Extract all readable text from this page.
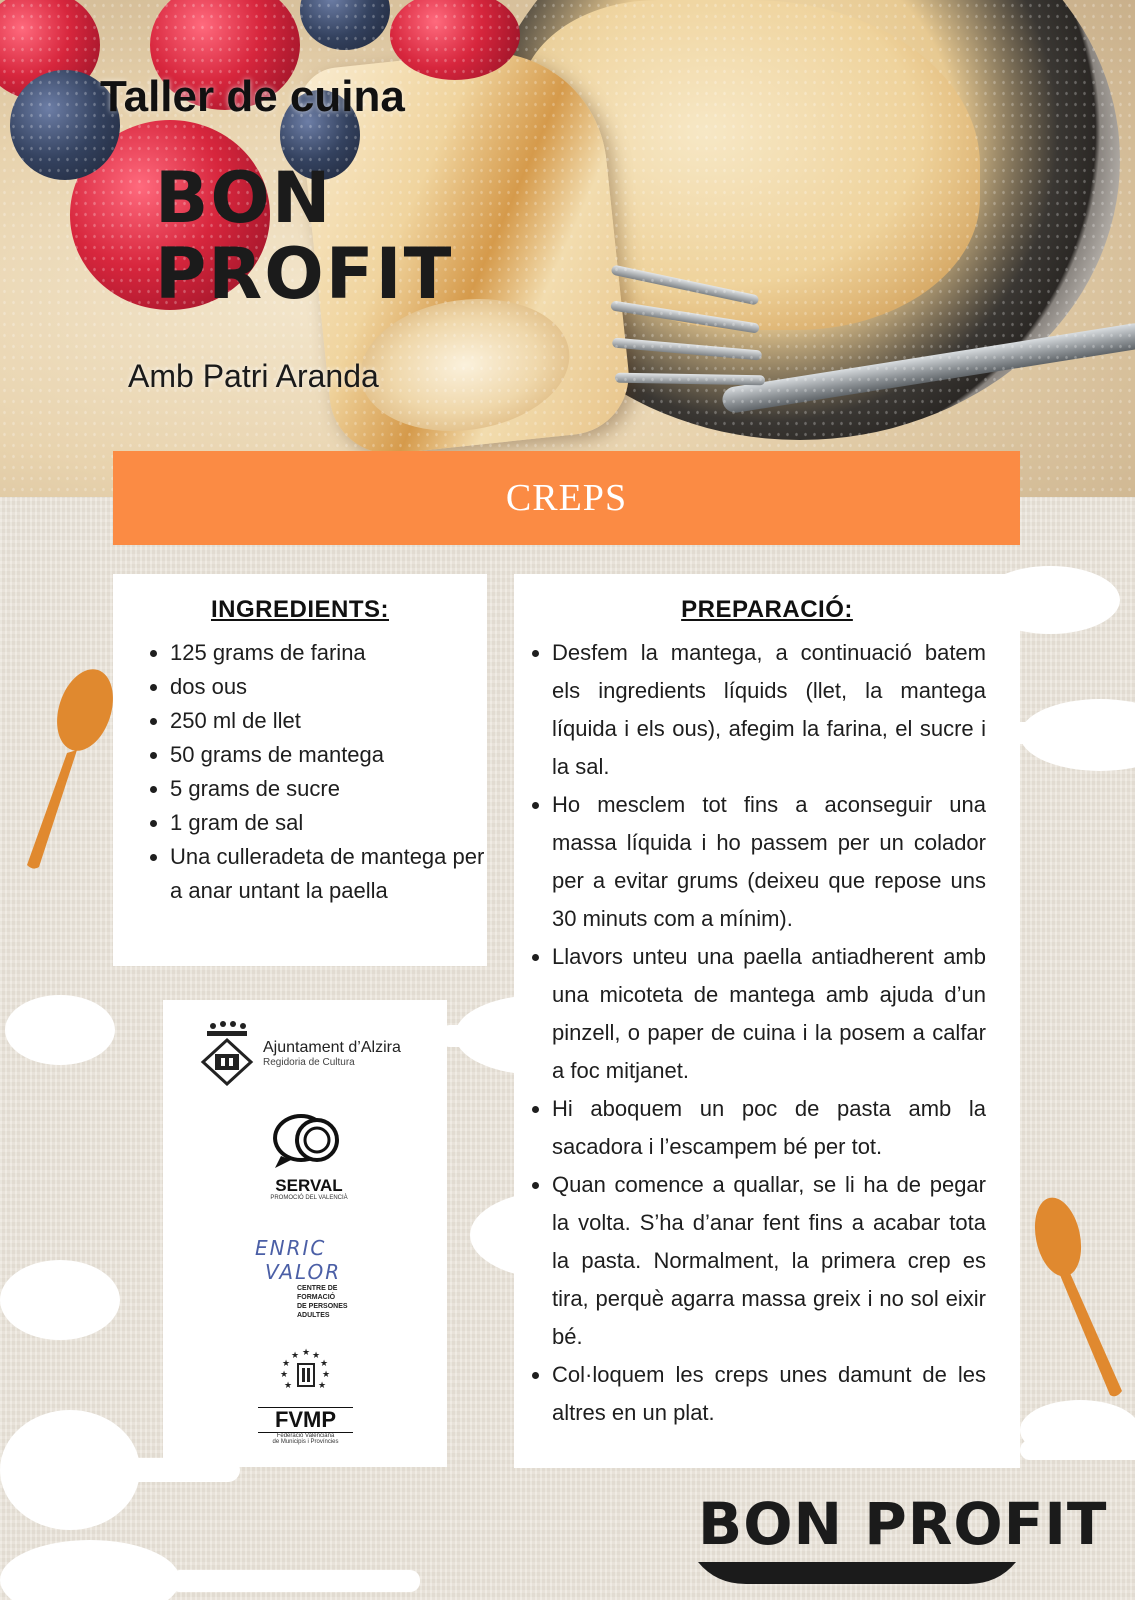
Taller de cuina
BON
PROFIT
Amb Patri Aranda
CREPS
INGREDIENTS:
• 125 grams de farina
• dos ous
• 250 ml de llet
• 50 grams de mantega
• 5 grams de sucre
• 1 gram de sal
• Una culleradeta de mantega per a anar untant la paella
PREPARACIÓ:
• Desfem la mantega, a continuació batem els ingredients líquids (llet, la mantega líquida i els ous), afegim la farina, el sucre i la sal.
• Ho mesclem tot fins a aconseguir una massa líquida i ho passem per un colador per a evitar grums (deixeu que repose uns 30 minuts com a mínim).
• Llavors unteu una paella antiadherent amb una micoteta de mantega amb ajuda d’un pinzell, o paper de cuina i la posem a calfar a foc mitjanet.
• Hi aboquem un poc de pasta amb la sacadora i l’escampem bé per tot.
• Quan comence a quallar, se li ha de pegar la volta. S’ha d’anar fent fins a acabar tota la pasta. Normalment, la primera crep es tira, perquè agarra massa greix i no sol eixir bé.
• Col·loquem les creps unes damunt de les altres en un plat.
Ajuntament d’Alzira
Regidoria de Cultura
SERVAL
PROMOCIÓ DEL VALENCIÀ
ENRIC
VALOR
CENTRE DE
FORMACIÓ
DE PERSONES
ADULTES
★ ★
★
★
★
★
★
★
★
FVMP
Federació Valenciana
de Municipis i Províncies
BON PROFIT
